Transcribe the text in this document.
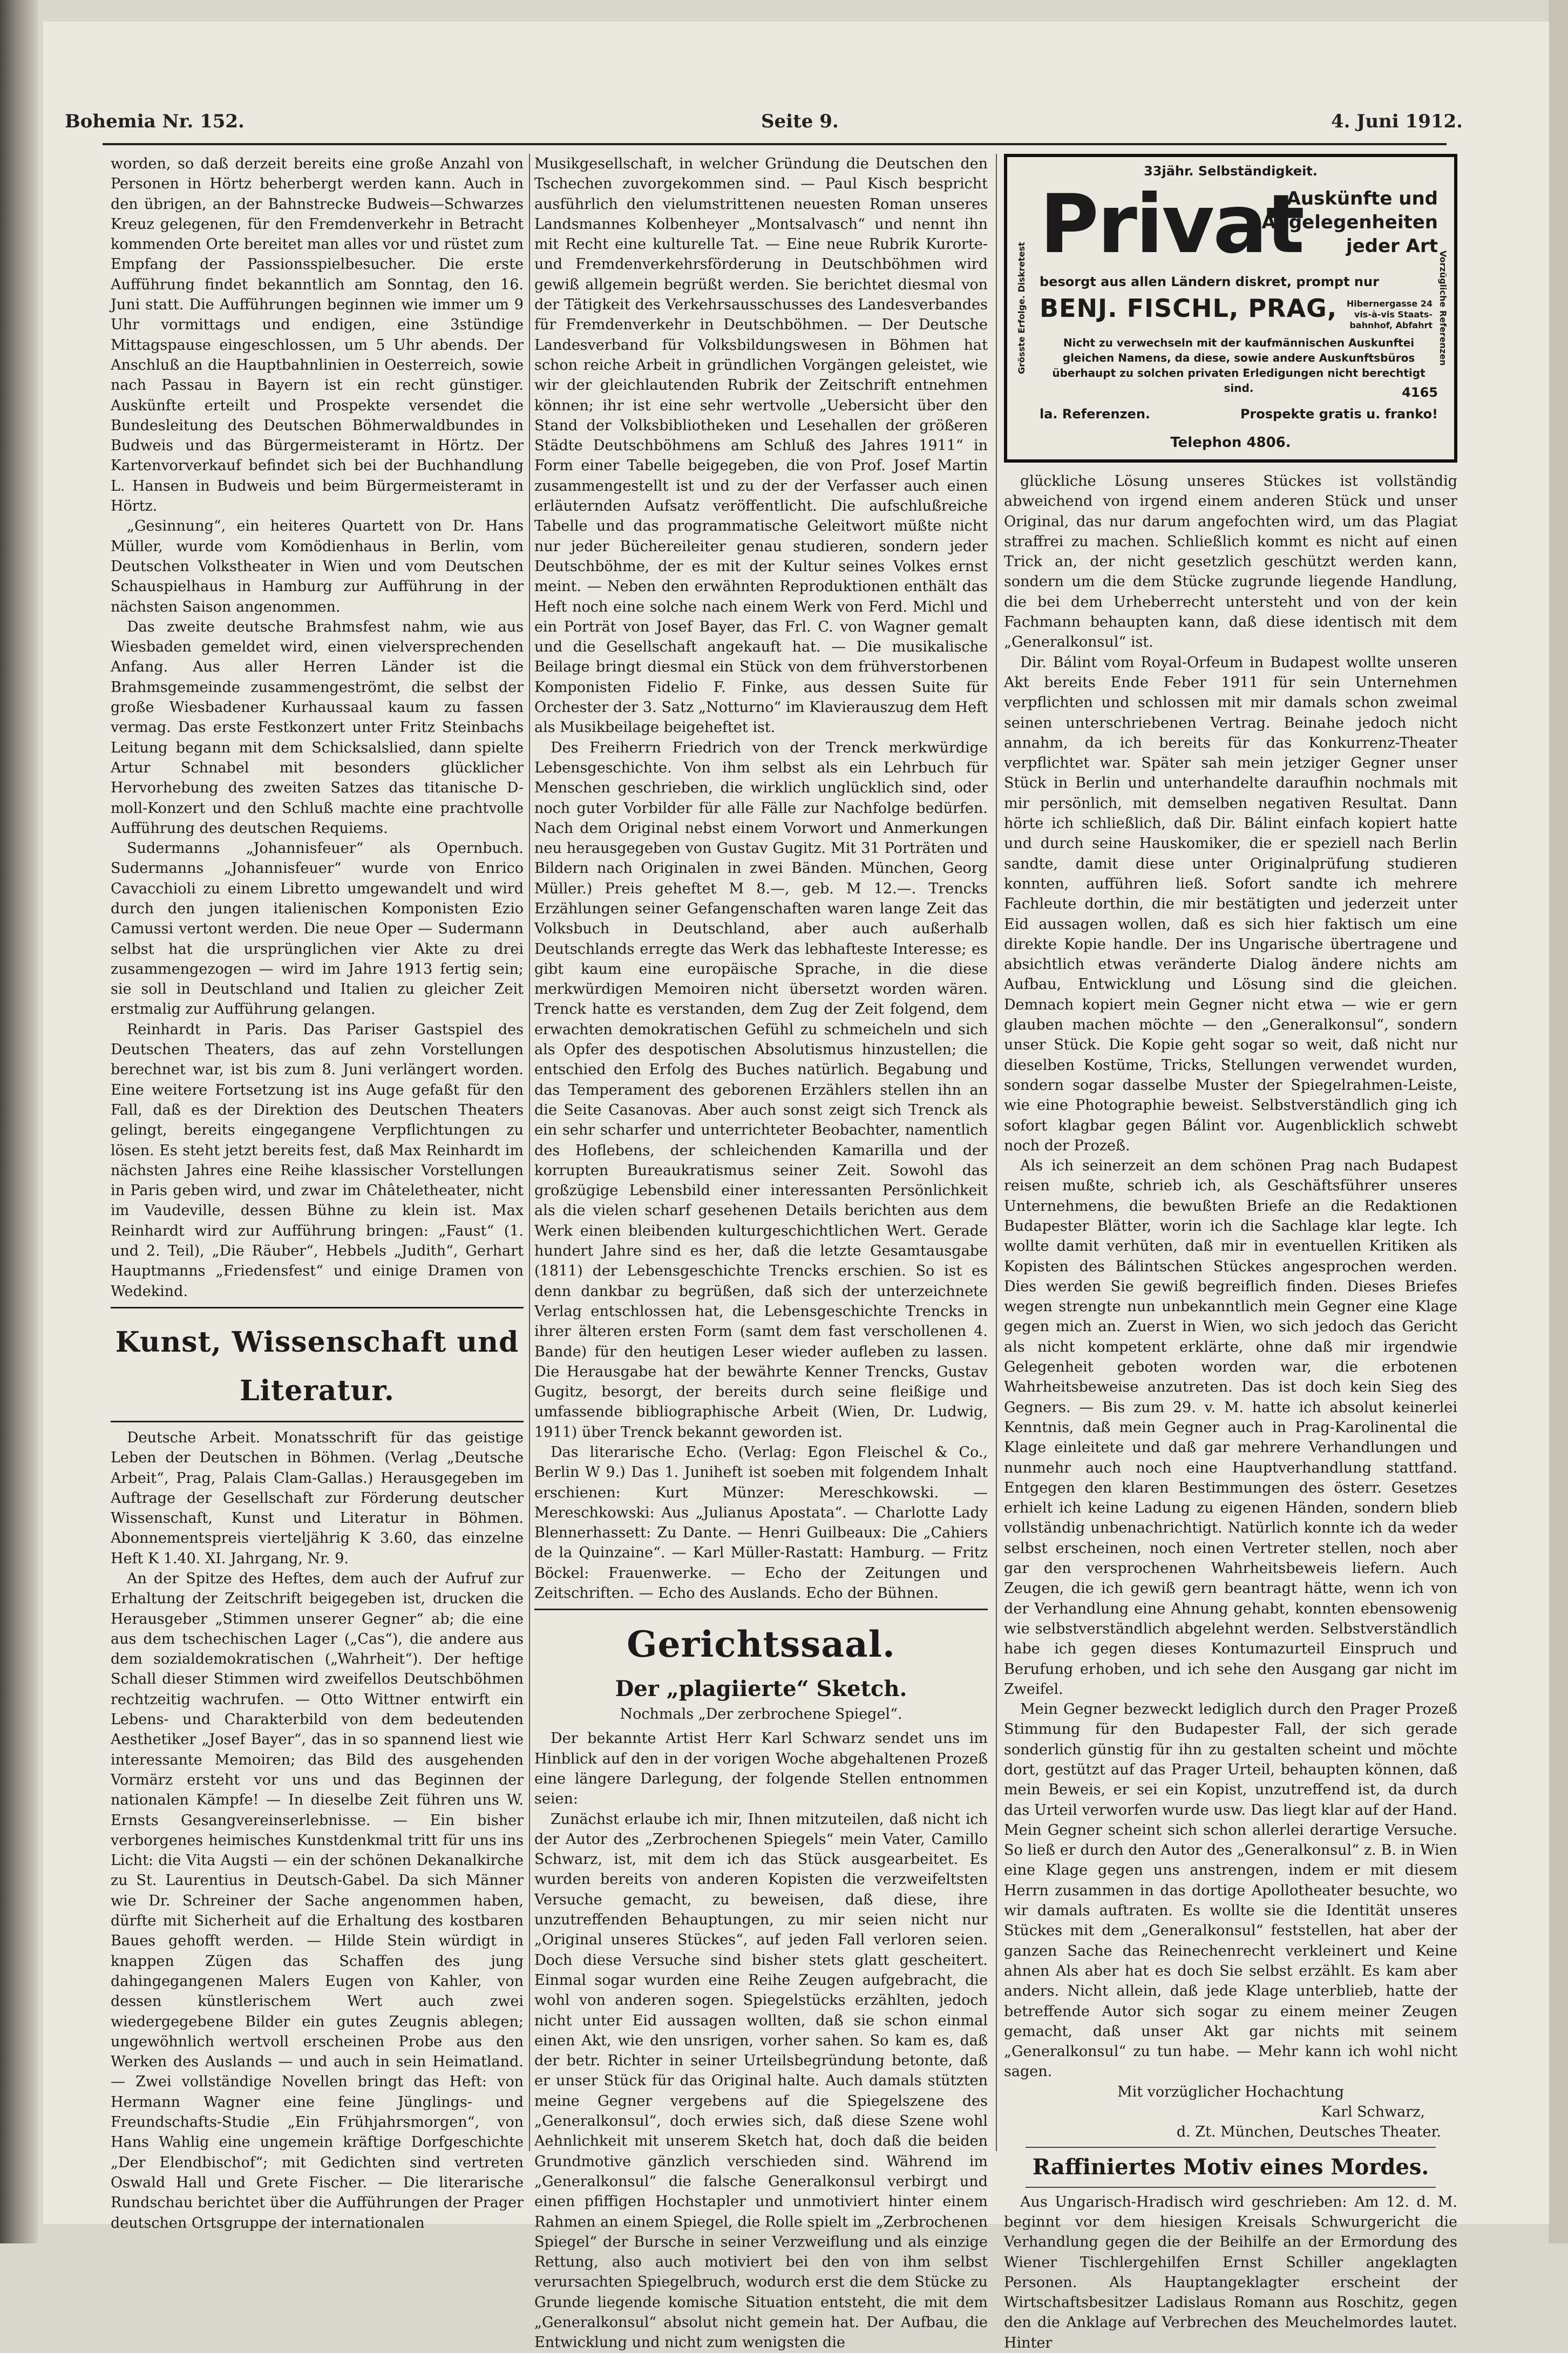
Bohemia Nr. 152.	Seite 9.	4. Juni 1912.

worden, so daß derzeit bereits eine große Anzahl von Personen in Hörtz beherbergt werden kann. Auch in den übrigen, an der Bahnstrecke Budweis—Schwarzes Kreuz gelegenen, für den Fremdenverkehr in Betracht kommenden Orte bereitet man alles vor und rüstet zum Empfang der Passionsspielbesucher. Die erste Aufführung findet bekanntlich am Sonntag, den 16. Juni statt. Die Aufführungen beginnen wie immer um 9 Uhr vormittags und endigen, eine 3stündige Mittagspause eingeschlossen, um 5 Uhr abends. Der Anschluß an die Hauptbahnlinien in Oesterreich, sowie nach Passau in Bayern ist ein recht günstiger. Auskünfte erteilt und Prospekte versendet die Bundesleitung des Deutschen Böhmerwaldbundes in Budweis und das Bürgermeisteramt in Hörtz. Der Kartenvorverkauf befindet sich bei der Buchhandlung L. Hansen in Budweis und beim Bürgermeisteramt in Hörtz.

„Gesinnung“, ein heiteres Quartett von Dr. Hans Müller, wurde vom Komödienhaus in Berlin, vom Deutschen Volkstheater in Wien und vom Deutschen Schauspielhaus in Hamburg zur Aufführung in der nächsten Saison angenommen.

Das zweite deutsche Brahmsfest nahm, wie aus Wiesbaden gemeldet wird, einen vielversprechenden Anfang. Aus aller Herren Länder ist die Brahmsgemeinde zusammengeströmt, die selbst der große Wiesbadener Kurhaussaal kaum zu fassen vermag. Das erste Festkonzert unter Fritz Steinbachs Leitung begann mit dem Schicksalslied, dann spielte Artur Schnabel mit besonders glücklicher Hervorhebung des zweiten Satzes das titanische D-moll-Konzert und den Schluß machte eine prachtvolle Aufführung des deutschen Requiems.

Sudermanns „Johannisfeuer“ als Opernbuch. Sudermanns „Johannisfeuer“ wurde von Enrico Cavacchioli zu einem Libretto umgewandelt und wird durch den jungen italienischen Komponisten Ezio Camussi vertont werden. Die neue Oper — Sudermann selbst hat die ursprünglichen vier Akte zu drei zusammengezogen — wird im Jahre 1913 fertig sein; sie soll in Deutschland und Italien zu gleicher Zeit erstmalig zur Aufführung gelangen.

Reinhardt in Paris. Das Pariser Gastspiel des Deutschen Theaters, das auf zehn Vorstellungen berechnet war, ist bis zum 8. Juni verlängert worden. Eine weitere Fortsetzung ist ins Auge gefaßt für den Fall, daß es der Direktion des Deutschen Theaters gelingt, bereits eingegangene Verpflichtungen zu lösen. Es steht jetzt bereits fest, daß Max Reinhardt im nächsten Jahres eine Reihe klassischer Vorstellungen in Paris geben wird, und zwar im Châteletheater, nicht im Vaudeville, dessen Bühne zu klein ist. Max Reinhardt wird zur Aufführung bringen: „Faust“ (1. und 2. Teil), „Die Räuber“, Hebbels „Judith“, Gerhart Hauptmanns „Friedensfest“ und einige Dramen von Wedekind.

Kunst, Wissenschaft und Literatur.

Deutsche Arbeit. Monatsschrift für das geistige Leben der Deutschen in Böhmen. (Verlag „Deutsche Arbeit“, Prag, Palais Clam-Gallas.) Herausgegeben im Auftrage der Gesellschaft zur Förderung deutscher Wissenschaft, Kunst und Literatur in Böhmen. Abonnementspreis vierteljährig K 3.60, das einzelne Heft K 1.40. XI. Jahrgang, Nr. 9.

An der Spitze des Heftes, dem auch der Aufruf zur Erhaltung der Zeitschrift beigegeben ist, drucken die Herausgeber „Stimmen unserer Gegner“ ab; die eine aus dem tschechischen Lager („Cas“), die andere aus dem sozialdemokratischen („Wahrheit“). Der heftige Schall dieser Stimmen wird zweifellos Deutschböhmen rechtzeitig wachrufen. — Otto Wittner entwirft ein Lebens- und Charakterbild von dem bedeutenden Aesthetiker „Josef Bayer“, das in so spannend liest wie interessante Memoiren; das Bild des ausgehenden Vormärz ersteht vor uns und das Beginnen der nationalen Kämpfe! — In dieselbe Zeit führen uns W. Ernsts Gesangvereinserlebnisse. — Ein bisher verborgenes heimisches Kunstdenkmal tritt für uns ins Licht: die Vita Augsti — ein der schönen Dekanalkirche zu St. Laurentius in Deutsch-Gabel. Da sich Männer wie Dr. Schreiner der Sache angenommen haben, dürfte mit Sicherheit auf die Erhaltung des kostbaren Baues gehofft werden. — Hilde Stein würdigt in knappen Zügen das Schaffen des jung dahingegangenen Malers Eugen von Kahler, von dessen künstlerischem Wert auch zwei wiedergegebene Bilder ein gutes Zeugnis ablegen; ungewöhnlich wertvoll erscheinen Probe aus den Werken des Auslands — und auch in sein Heimatland. — Zwei vollständige Novellen bringt das Heft: von Hermann Wagner eine feine Jünglings- und Freundschafts-Studie „Ein Frühjahrsmorgen“, von Hans Wahlig eine ungemein kräftige Dorfgeschichte „Der Elendbischof“; mit Gedichten sind vertreten Oswald Hall und Grete Fischer. — Die literarische Rundschau berichtet über die Aufführungen der Prager deutschen Ortsgruppe der internationalen

Musikgesellschaft, in welcher Gründung die Deutschen den Tschechen zuvorgekommen sind. — Paul Kisch bespricht ausführlich den vielumstrittenen neuesten Roman unseres Landsmannes Kolbenheyer „Montsalvasch“ und nennt ihn mit Recht eine kulturelle Tat. — Eine neue Rubrik Kurorte- und Fremdenverkehrsförderung in Deutschböhmen wird gewiß allgemein begrüßt werden. Sie berichtet diesmal von der Tätigkeit des Verkehrsausschusses des Landesverbandes für Fremdenverkehr in Deutschböhmen. — Der Deutsche Landesverband für Volksbildungswesen in Böhmen hat schon reiche Arbeit in gründlichen Vorgängen geleistet, wie wir der gleichlautenden Rubrik der Zeitschrift entnehmen können; ihr ist eine sehr wertvolle „Uebersicht über den Stand der Volksbibliotheken und Lesehallen der größeren Städte Deutschböhmens am Schluß des Jahres 1911“ in Form einer Tabelle beigegeben, die von Prof. Josef Martin zusammengestellt ist und zu der der Verfasser auch einen erläuternden Aufsatz veröffentlicht. Die aufschlußreiche Tabelle und das programmatische Geleitwort müßte nicht nur jeder Büchereileiter genau studieren, sondern jeder Deutschböhme, der es mit der Kultur seines Volkes ernst meint. — Neben den erwähnten Reproduktionen enthält das Heft noch eine solche nach einem Werk von Ferd. Michl und ein Porträt von Josef Bayer, das Frl. C. von Wagner gemalt und die Gesellschaft angekauft hat. — Die musikalische Beilage bringt diesmal ein Stück von dem frühverstorbenen Komponisten Fidelio F. Finke, aus dessen Suite für Orchester der 3. Satz „Notturno“ im Klavierauszug dem Heft als Musikbeilage beigeheftet ist.

Des Freiherrn Friedrich von der Trenck merkwürdige Lebensgeschichte. Von ihm selbst als ein Lehrbuch für Menschen geschrieben, die wirklich unglücklich sind, oder noch guter Vorbilder für alle Fälle zur Nachfolge bedürfen. Nach dem Original nebst einem Vorwort und Anmerkungen neu herausgegeben von Gustav Gugitz. Mit 31 Porträten und Bildern nach Originalen in zwei Bänden. München, Georg Müller.) Preis geheftet M 8.—, geb. M 12.—. Trencks Erzählungen seiner Gefangenschaften waren lange Zeit das Volksbuch in Deutschland, aber auch außerhalb Deutschlands erregte das Werk das lebhafteste Interesse; es gibt kaum eine europäische Sprache, in die diese merkwürdigen Memoiren nicht übersetzt worden wären. Trenck hatte es verstanden, dem Zug der Zeit folgend, dem erwachten demokratischen Gefühl zu schmeicheln und sich als Opfer des despotischen Absolutismus hinzustellen; die entschied den Erfolg des Buches natürlich. Begabung und das Temperament des geborenen Erzählers stellen ihn an die Seite Casanovas. Aber auch sonst zeigt sich Trenck als ein sehr scharfer und unterrichteter Beobachter, namentlich des Hoflebens, der schleichenden Kamarilla und der korrupten Bureaukratismus seiner Zeit. Sowohl das großzügige Lebensbild einer interessanten Persönlichkeit als die vielen scharf gesehenen Details berichten aus dem Werk einen bleibenden kulturgeschichtlichen Wert. Gerade hundert Jahre sind es her, daß die letzte Gesamtausgabe (1811) der Lebensgeschichte Trencks erschien. So ist es denn dankbar zu begrüßen, daß sich der unterzeichnete Verlag entschlossen hat, die Lebensgeschichte Trencks in ihrer älteren ersten Form (samt dem fast verschollenen 4. Bande) für den heutigen Leser wieder aufleben zu lassen. Die Herausgabe hat der bewährte Kenner Trencks, Gustav Gugitz, besorgt, der bereits durch seine fleißige und umfassende bibliographische Arbeit (Wien, Dr. Ludwig, 1911) über Trenck bekannt geworden ist.

Das literarische Echo. (Verlag: Egon Fleischel & Co., Berlin W 9.) Das 1. Juniheft ist soeben mit folgendem Inhalt erschienen: Kurt Münzer: Mereschkowski. — Mereschkowski: Aus „Julianus Apostata“. — Charlotte Lady Blennerhassett: Zu Dante. — Henri Guilbeaux: Die „Cahiers de la Quinzaine“. — Karl Müller-Rastatt: Hamburg. — Fritz Böckel: Frauenwerke. — Echo der Zeitungen und Zeitschriften. — Echo des Auslands. Echo der Bühnen.

Gerichtssaal.
Der „plagiierte“ Sketch.
Nochmals „Der zerbrochene Spiegel“.

Der bekannte Artist Herr Karl Schwarz sendet uns im Hinblick auf den in der vorigen Woche abgehaltenen Prozeß eine längere Darlegung, der folgende Stellen entnommen seien:

Zunächst erlaube ich mir, Ihnen mitzuteilen, daß nicht ich der Autor des „Zerbrochenen Spiegels“ mein Vater, Camillo Schwarz, ist, mit dem ich das Stück ausgearbeitet. Es wurden bereits von anderen Kopisten die verzweifeltsten Versuche gemacht, zu beweisen, daß diese, ihre unzutreffenden Behauptungen, zu mir seien nicht nur „Original unseres Stückes“, auf jeden Fall verloren seien. Doch diese Versuche sind bisher stets glatt gescheitert. Einmal sogar wurden eine Reihe Zeugen aufgebracht, die wohl von anderen sogen. Spiegelstücks erzählten, jedoch nicht unter Eid aussagen wollten, daß sie schon einmal einen Akt, wie den unsrigen, vorher sahen. So kam es, daß der betr. Richter in seiner Urteilsbegründung betonte, daß er unser Stück für das Original halte. Auch damals stützten meine Gegner vergebens auf die Spiegelszene des „Generalkonsul“, doch erwies sich, daß diese Szene wohl Aehnlichkeit mit unserem Sketch hat, doch daß die beiden Grundmotive gänzlich verschieden sind. Während im „Generalkonsul“ die falsche Generalkonsul verbirgt und einen pfiffigen Hochstapler und unmotiviert hinter einem Rahmen an einem Spiegel, die Rolle spielt im „Zerbrochenen Spiegel“ der Bursche in seiner Verzweiflung und als einzige Rettung, also auch motiviert bei den von ihm selbst verursachten Spiegelbruch, wodurch erst die dem Stücke zu Grunde liegende komische Situation entsteht, die mit dem „Generalkonsul“ absolut nicht gemein hat. Der Aufbau, die Entwicklung und nicht zum wenigsten die

Grösste Erfolge. Diskretest	Vorzügliche Referenzen
33jähr. Selbständigkeit.
Privat
Auskünfte und
Angelegenheiten
jeder Art
besorgt aus allen Ländern diskret, prompt nur
BENJ. FISCHL, PRAG, Hibernergasse 24
vis-à-vis Staats-
bahnhof, Abfahrt
Nicht zu verwechseln mit der kaufmännischen Auskunftei gleichen Namens, da diese, sowie andere Auskunftsbüros überhaupt zu solchen privaten Erledigungen nicht berechtigt sind.	4165
la. Referenzen.	Prospekte gratis u. franko!
Telephon 4806.

glückliche Lösung unseres Stückes ist vollständig abweichend von irgend einem anderen Stück und unser Original, das nur darum angefochten wird, um das Plagiat straffrei zu machen. Schließlich kommt es nicht auf einen Trick an, der nicht gesetzlich geschützt werden kann, sondern um die dem Stücke zugrunde liegende Handlung, die bei dem Urheberrecht untersteht und von der kein Fachmann behaupten kann, daß diese identisch mit dem „Generalkonsul“ ist.

Dir. Bálint vom Royal-Orfeum in Budapest wollte unseren Akt bereits Ende Feber 1911 für sein Unternehmen verpflichten und schlossen mit mir damals schon zweimal seinen unterschriebenen Vertrag. Beinahe jedoch nicht annahm, da ich bereits für das Konkurrenz-Theater verpflichtet war. Später sah mein jetziger Gegner unser Stück in Berlin und unterhandelte daraufhin nochmals mit mir persönlich, mit demselben negativen Resultat. Dann hörte ich schließlich, daß Dir. Bálint einfach kopiert hatte und durch seine Hauskomiker, die er speziell nach Berlin sandte, damit diese unter Originalprüfung studieren konnten, aufführen ließ. Sofort sandte ich mehrere Fachleute dorthin, die mir bestätigten und jederzeit unter Eid aussagen wollen, daß es sich hier faktisch um eine direkte Kopie handle. Der ins Ungarische übertragene und absichtlich etwas veränderte Dialog ändere nichts am Aufbau, Entwicklung und Lösung sind die gleichen. Demnach kopiert mein Gegner nicht etwa — wie er gern glauben machen möchte — den „Generalkonsul“, sondern unser Stück. Die Kopie geht sogar so weit, daß nicht nur dieselben Kostüme, Tricks, Stellungen verwendet wurden, sondern sogar dasselbe Muster der Spiegelrahmen-Leiste, wie eine Photographie beweist. Selbstverständlich ging ich sofort klagbar gegen Bálint vor. Augenblicklich schwebt noch der Prozeß.

Als ich seinerzeit an dem schönen Prag nach Budapest reisen mußte, schrieb ich, als Geschäftsführer unseres Unternehmens, die bewußten Briefe an die Redaktionen Budapester Blätter, worin ich die Sachlage klar legte. Ich wollte damit verhüten, daß mir in eventuellen Kritiken als Kopisten des Bálintschen Stückes angesprochen werden. Dies werden Sie gewiß begreiflich finden. Dieses Briefes wegen strengte nun unbekanntlich mein Gegner eine Klage gegen mich an. Zuerst in Wien, wo sich jedoch das Gericht als nicht kompetent erklärte, ohne daß mir irgendwie Gelegenheit geboten worden war, die erbotenen Wahrheitsbeweise anzutreten. Das ist doch kein Sieg des Gegners. — Bis zum 29. v. M. hatte ich absolut keinerlei Kenntnis, daß mein Gegner auch in Prag-Karolinental die Klage einleitete und daß gar mehrere Verhandlungen und nunmehr auch noch eine Hauptverhandlung stattfand. Entgegen den klaren Bestimmungen des österr. Gesetzes erhielt ich keine Ladung zu eigenen Händen, sondern blieb vollständig unbenachrichtigt. Natürlich konnte ich da weder selbst erscheinen, noch einen Vertreter stellen, noch aber gar den versprochenen Wahrheitsbeweis liefern. Auch Zeugen, die ich gewiß gern beantragt hätte, wenn ich von der Verhandlung eine Ahnung gehabt, konnten ebensowenig wie selbstverständlich abgelehnt werden. Selbstverständlich habe ich gegen dieses Kontumazurteil Einspruch und Berufung erhoben, und ich sehe den Ausgang gar nicht im Zweifel.

Mein Gegner bezweckt lediglich durch den Prager Prozeß Stimmung für den Budapester Fall, der sich gerade sonderlich günstig für ihn zu gestalten scheint und möchte dort, gestützt auf das Prager Urteil, behaupten können, daß mein Beweis, er sei ein Kopist, unzutreffend ist, da durch das Urteil verworfen wurde usw. Das liegt klar auf der Hand. Mein Gegner scheint sich schon allerlei derartige Versuche. So ließ er durch den Autor des „Generalkonsul“ z. B. in Wien eine Klage gegen uns anstrengen, indem er mit diesem Herrn zusammen in das dortige Apollotheater besuchte, wo wir damals auftraten. Es wollte sie die Identität unseres Stückes mit dem „Generalkonsul“ feststellen, hat aber der ganzen Sache das Reinechenrecht verkleinert und Keine ahnen Als aber hat es doch Sie selbst erzählt. Es kam aber anders. Nicht allein, daß jede Klage unterblieb, hatte der betreffende Autor sich sogar zu einem meiner Zeugen gemacht, daß unser Akt gar nichts mit seinem „Generalkonsul“ zu tun habe. — Mehr kann ich wohl nicht sagen.

Mit vorzüglicher Hochachtung

Karl Schwarz,

d. Zt. München, Deutsches Theater.

Raffiniertes Motiv eines Mordes.

Aus Ungarisch-Hradisch wird geschrieben: Am 12. d. M. beginnt vor dem hiesigen Kreisals Schwurgericht die Verhandlung gegen die der Beihilfe an der Ermordung des Wiener Tischlergehilfen Ernst Schiller angeklagten Personen. Als Hauptangeklagter erscheint der Wirtschaftsbesitzer Ladislaus Romann aus Roschitz, gegen den die Anklage auf Verbrechen des Meuchelmordes lautet. Hinter
